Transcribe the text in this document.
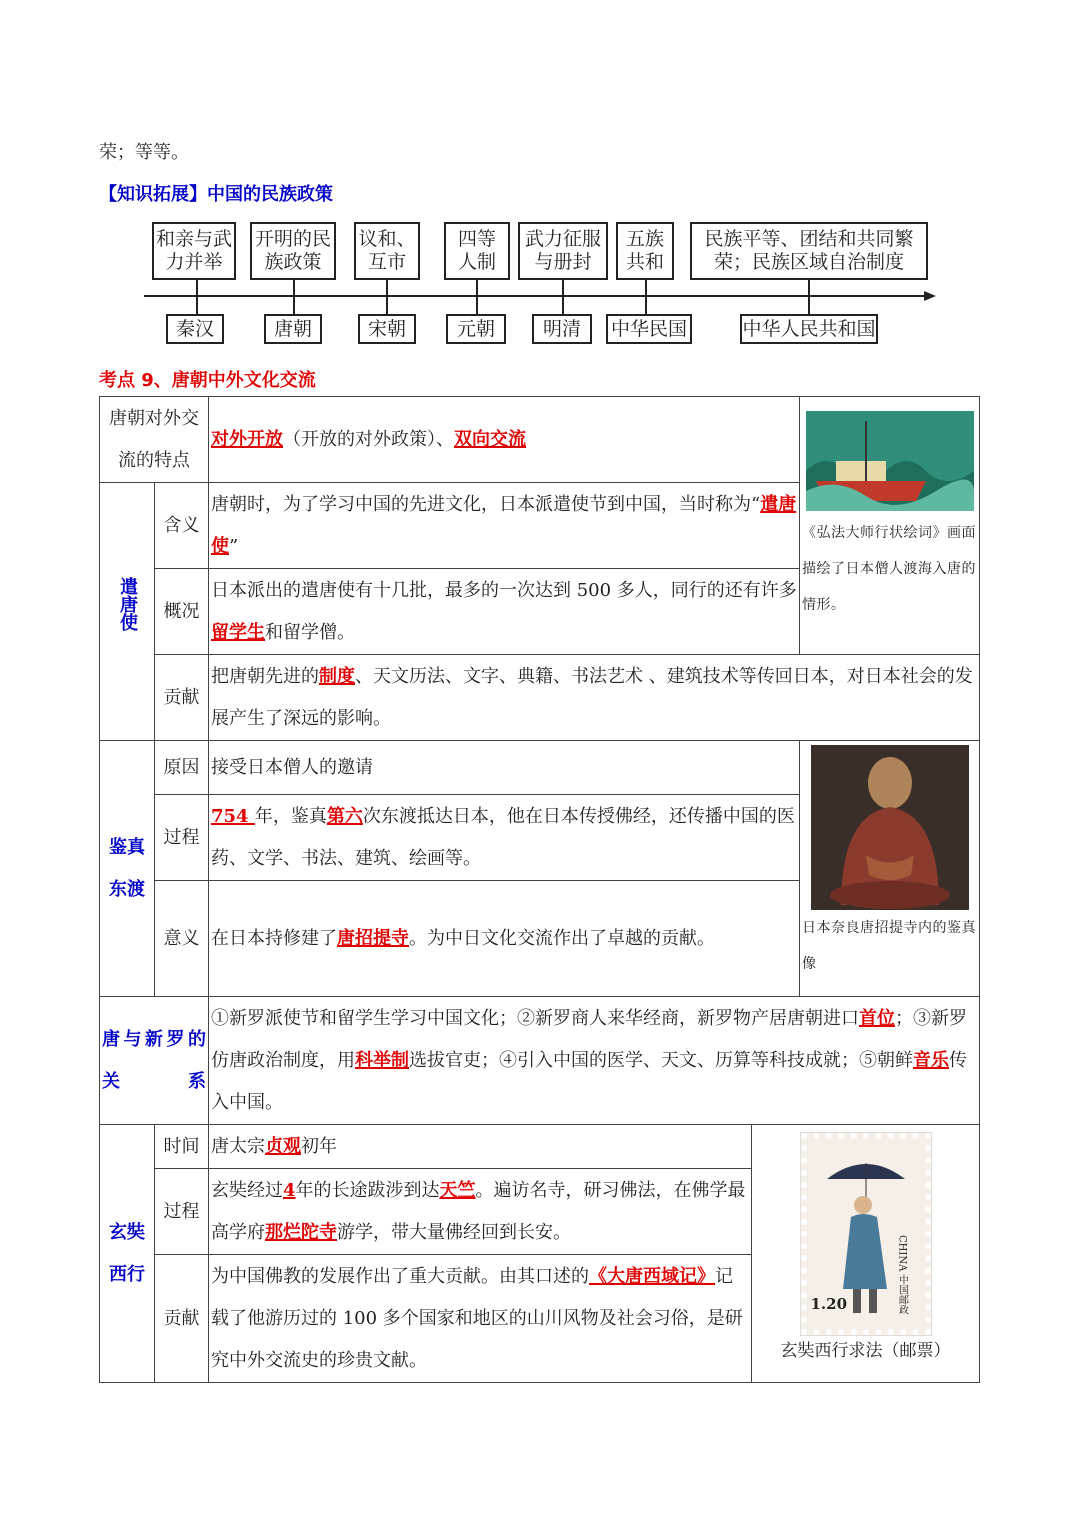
荣；等等。
【知识拓展】中国的民族政策
和亲与武
力并举
开明的民
族政策
议和、
互市
四等
人制
武力征服
与册封
五族
共和
民族平等、团结和共同繁
荣；民族区域自治制度
秦汉	唐朝	宋朝	元朝	明清 中华民国	中华人民共和国
考点 9、唐朝中外文化交流
唐朝对外交流的特点		对外开放（开放的对外政策）、双向交流		《弘法大师行状绘词》画面描绘了日本僧人渡海入唐的情形。

遣唐使	含义	唐朝时，为了学习中国的先进文化，日本派遣使节到中国，当时称为“遣唐使”		
	概况	日本派出的遣唐使有十几批，最多的一次达到 500 多人，同行的还有许多留学生和留学僧。		
	贡献	把唐朝先进的制度、天文历法、文字、典籍、书法艺术 、建筑技术等传回日本，对日本社会的发展产生了深远的影响。		
鉴真东渡	原因	接受日本僧人的邀请		日本奈良唐招提寺内的鉴真像

	过程	754 年，鉴真第六次东渡抵达日本，他在日本传授佛经，还传播中国的医药、文学、书法、建筑、绘画等。		
	意义	在日本持修建了唐招提寺。为中日文化交流作出了卓越的贡献。		
唐与新罗的关系		①新罗派使节和留学生学习中国文化；②新罗商人来华经商，新罗物产居唐朝进口首位；③新罗仿唐政治制度，用科举制选拔官吏；④引入中国的医学、天文、历算等科技成就；⑤朝鲜音乐传入中国。		
玄奘西行	时间	唐太宗贞观初年	1.20 CHINA 中国邮政
玄奘西行求法（邮票）	

	过程	玄奘经过4年的长途跋涉到达天竺。遍访名寺，研习佛法，在佛学最高学府那烂陀寺游学，带大量佛经回到长安。		
	贡献	为中国佛教的发展作出了重大贡献。由其口述的《大唐西域记》记载了他游历过的 100 多个国家和地区的山川风物及社会习俗，是研究中外交流史的珍贵文献。		
